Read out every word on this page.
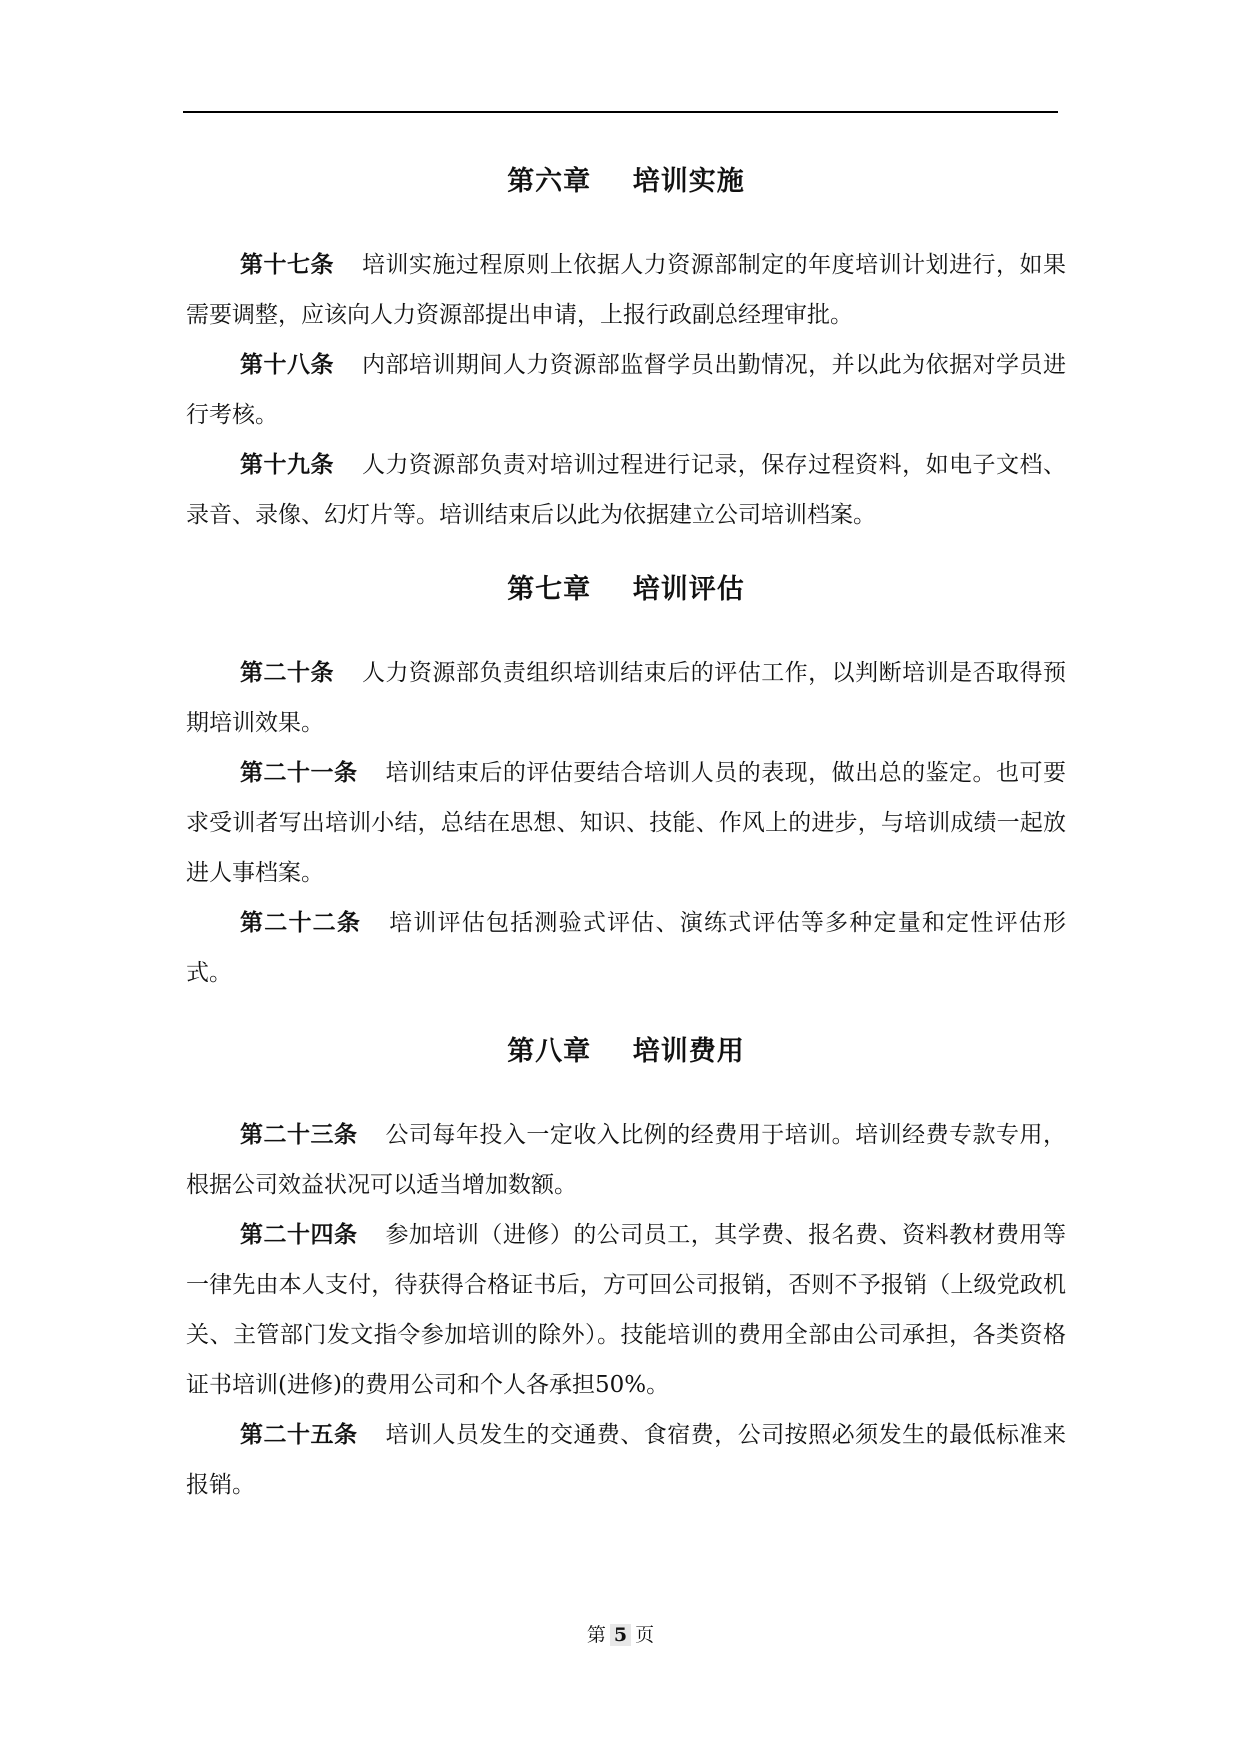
第六章    培训实施

第十七条 培训实施过程原则上依据人力资源部制定的年度培训计划进行，如果需要调整，应该向人力资源部提出申请，上报行政副总经理审批。

第十八条 内部培训期间人力资源部监督学员出勤情况，并以此为依据对学员进行考核。

第十九条 人力资源部负责对培训过程进行记录，保存过程资料，如电子文档、录音、录像、幻灯片等。培训结束后以此为依据建立公司培训档案。

第七章    培训评估

第二十条 人力资源部负责组织培训结束后的评估工作，以判断培训是否取得预期培训效果。

第二十一条 培训结束后的评估要结合培训人员的表现，做出总的鉴定。也可要求受训者写出培训小结，总结在思想、知识、技能、作风上的进步，与培训成绩一起放进人事档案。

第二十二条 培训评估包括测验式评估、演练式评估等多种定量和定性评估形式。

第八章    培训费用

第二十三条 公司每年投入一定收入比例的经费用于培训。培训经费专款专用，根据公司效益状况可以适当增加数额。

第二十四条 参加培训（进修）的公司员工，其学费、报名费、资料教材费用等一律先由本人支付，待获得合格证书后，方可回公司报销，否则不予报销（上级党政机关、主管部门发文指令参加培训的除外）。技能培训的费用全部由公司承担，各类资格证书培训(进修)的费用公司和个人各承担50%。

第二十五条 培训人员发生的交通费、食宿费，公司按照必须发生的最低标准来报销。

第 5 页
